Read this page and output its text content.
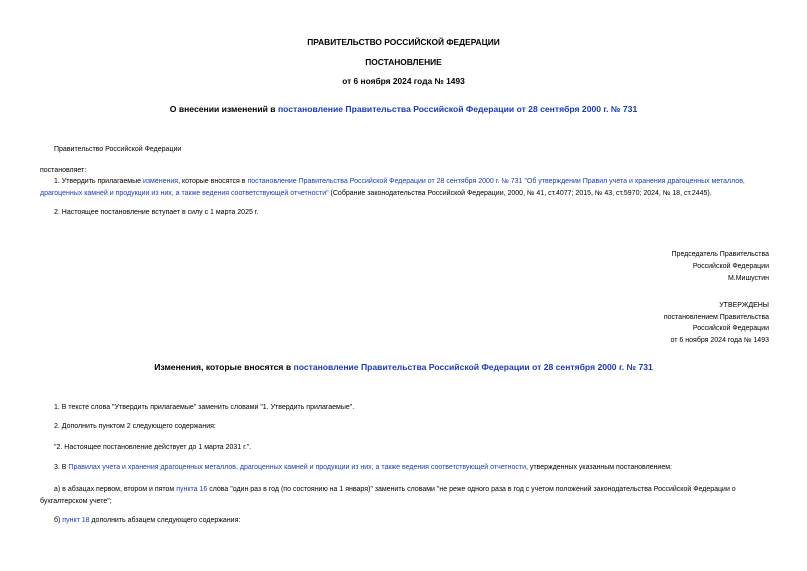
ПРАВИТЕЛЬСТВО РОССИЙСКОЙ ФЕДЕРАЦИИ
ПОСТАНОВЛЕНИЕ
от 6 ноября 2024 года № 1493
О внесении изменений в постановление Правительства Российской Федерации от 28 сентября 2000 г. № 731
Правительство Российской Федерации
постановляет:
1. Утвердить прилагаемые изменения, которые вносятся в постановление Правительства Российской Федерации от 28 сентября 2000 г. № 731 "Об утверждении Правил учета и хранения драгоценных металлов, драгоценных камней и продукции из них, а также ведения соответствующей отчетности" (Собрание законодательства Российской Федерации, 2000, № 41, ст.4077; 2015, № 43, ст.5970; 2024, № 18, ст.2445).
2. Настоящее постановление вступает в силу с 1 марта 2025 г.
Председатель Правительства
Российской Федерации
М.Мишустин
УТВЕРЖДЕНЫ
постановлением Правительства
Российской Федерации
от 6 ноября 2024 года № 1493
Изменения, которые вносятся в постановление Правительства Российской Федерации от 28 сентября 2000 г. № 731
1. В тексте слова "Утвердить прилагаемые" заменить словами "1. Утвердить прилагаемые".
2. Дополнить пунктом 2 следующего содержания:
"2. Настоящее постановление действует до 1 марта 2031 г.".
3. В Правилах учета и хранения драгоценных металлов, драгоценных камней и продукции из них, а также ведения соответствующей отчетности, утвержденных указанным постановлением:
а) в абзацах первом, втором и пятом пункта 16 слова "один раз в год (по состоянию на 1 января)" заменить словами "не реже одного раза в год с учетом положений законодательства Российской Федерации о бухгалтерском учете";
б) пункт 18 дополнить абзацем следующего содержания:
